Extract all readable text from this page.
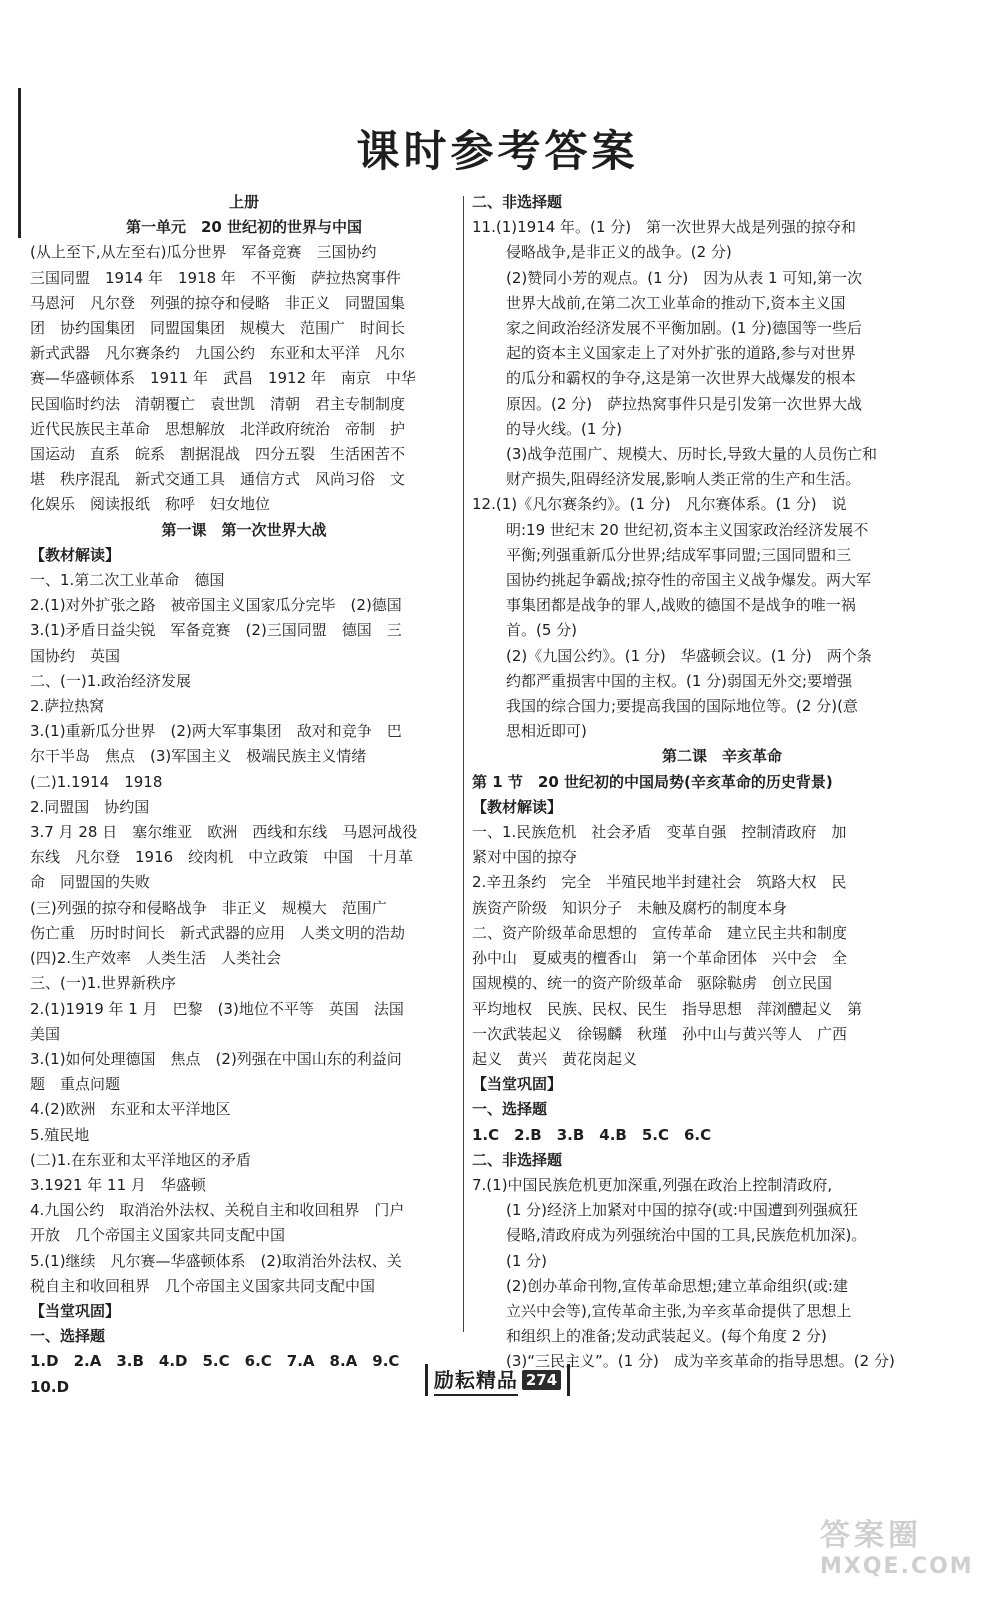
课时参考答案
上册
第一单元　20 世纪初的世界与中国
(从上至下,从左至右)瓜分世界　军备竞赛　三国协约
三国同盟　1914 年　1918 年　不平衡　萨拉热窝事件
马恩河　凡尔登　列强的掠夺和侵略　非正义　同盟国集
团　协约国集团　同盟国集团　规模大　范围广　时间长
新式武器　凡尔赛条约　九国公约　东亚和太平洋　凡尔
赛—华盛顿体系　1911 年　武昌　1912 年　南京　中华
民国临时约法　清朝覆亡　袁世凯　清朝　君主专制制度
近代民族民主革命　思想解放　北洋政府统治　帝制　护
国运动　直系　皖系　割据混战　四分五裂　生活困苦不
堪　秩序混乱　新式交通工具　通信方式　风尚习俗　文
化娱乐　阅读报纸　称呼　妇女地位
第一课　第一次世界大战
【教材解读】
一、1.第二次工业革命　德国
2.(1)对外扩张之路　被帝国主义国家瓜分完毕　(2)德国
3.(1)矛盾日益尖锐　军备竞赛　(2)三国同盟　德国　三
国协约　英国
二、(一)1.政治经济发展
2.萨拉热窝
3.(1)重新瓜分世界　(2)两大军事集团　敌对和竞争　巴
尔干半岛　焦点　(3)军国主义　极端民族主义情绪
(二)1.1914　1918
2.同盟国　协约国
3.7 月 28 日　塞尔维亚　欧洲　西线和东线　马恩河战役
东线　凡尔登　1916　绞肉机　中立政策　中国　十月革
命　同盟国的失败
(三)列强的掠夺和侵略战争　非正义　规模大　范围广
伤亡重　历时时间长　新式武器的应用　人类文明的浩劫
(四)2.生产效率　人类生活　人类社会
三、(一)1.世界新秩序
2.(1)1919 年 1 月　巴黎　(3)地位不平等　英国　法国
美国
3.(1)如何处理德国　焦点　(2)列强在中国山东的利益问
题　重点问题
4.(2)欧洲　东亚和太平洋地区
5.殖民地
(二)1.在东亚和太平洋地区的矛盾
3.1921 年 11 月　华盛顿
4.九国公约　取消治外法权、关税自主和收回租界　门户
开放　几个帝国主义国家共同支配中国
5.(1)继续　凡尔赛—华盛顿体系　(2)取消治外法权、关
税自主和收回租界　几个帝国主义国家共同支配中国
【当堂巩固】
一、选择题
1.D　2.A　3.B　4.D　5.C　6.C　7.A　8.A　9.C
10.D
二、非选择题
11.(1)1914 年。(1 分)　第一次世界大战是列强的掠夺和
侵略战争,是非正义的战争。(2 分)
(2)赞同小芳的观点。(1 分)　因为从表 1 可知,第一次
世界大战前,在第二次工业革命的推动下,资本主义国
家之间政治经济发展不平衡加剧。(1 分)德国等一些后
起的资本主义国家走上了对外扩张的道路,参与对世界
的瓜分和霸权的争夺,这是第一次世界大战爆发的根本
原因。(2 分)　萨拉热窝事件只是引发第一次世界大战
的导火线。(1 分)
(3)战争范围广、规模大、历时长,导致大量的人员伤亡和
财产损失,阻碍经济发展,影响人类正常的生产和生活。
12.(1)《凡尔赛条约》。(1 分)　凡尔赛体系。(1 分)　说
明:19 世纪末 20 世纪初,资本主义国家政治经济发展不
平衡;列强重新瓜分世界;结成军事同盟;三国同盟和三
国协约挑起争霸战;掠夺性的帝国主义战争爆发。两大军
事集团都是战争的罪人,战败的德国不是战争的唯一祸
首。(5 分)
(2)《九国公约》。(1 分)　华盛顿会议。(1 分)　两个条
约都严重损害中国的主权。(1 分)弱国无外交;要增强
我国的综合国力;要提高我国的国际地位等。(2 分)(意
思相近即可)
第二课　辛亥革命
第 1 节　20 世纪初的中国局势(辛亥革命的历史背景)
【教材解读】
一、1.民族危机　社会矛盾　变革自强　控制清政府　加
紧对中国的掠夺
2.辛丑条约　完全　半殖民地半封建社会　筑路大权　民
族资产阶级　知识分子　未触及腐朽的制度本身
二、资产阶级革命思想的　宣传革命　建立民主共和制度
孙中山　夏威夷的檀香山　第一个革命团体　兴中会　全
国规模的、统一的资产阶级革命　驱除鞑虏　创立民国
平均地权　民族、民权、民生　指导思想　萍浏醴起义　第
一次武装起义　徐锡麟　秋瑾　孙中山与黄兴等人　广西
起义　黄兴　黄花岗起义
【当堂巩固】
一、选择题
1.C　2.B　3.B　4.B　5.C　6.C
二、非选择题
7.(1)中国民族危机更加深重,列强在政治上控制清政府,
(1 分)经济上加紧对中国的掠夺(或:中国遭到列强疯狂
侵略,清政府成为列强统治中国的工具,民族危机加深)。
(1 分)
(2)创办革命刊物,宣传革命思想;建立革命组织(或:建
立兴中会等),宣传革命主张,为辛亥革命提供了思想上
和组织上的准备;发动武装起义。(每个角度 2 分)
(3)“三民主义”。(1 分)　成为辛亥革命的指导思想。(2 分)
励耘精品 274
答案圈
MXQE.COM
